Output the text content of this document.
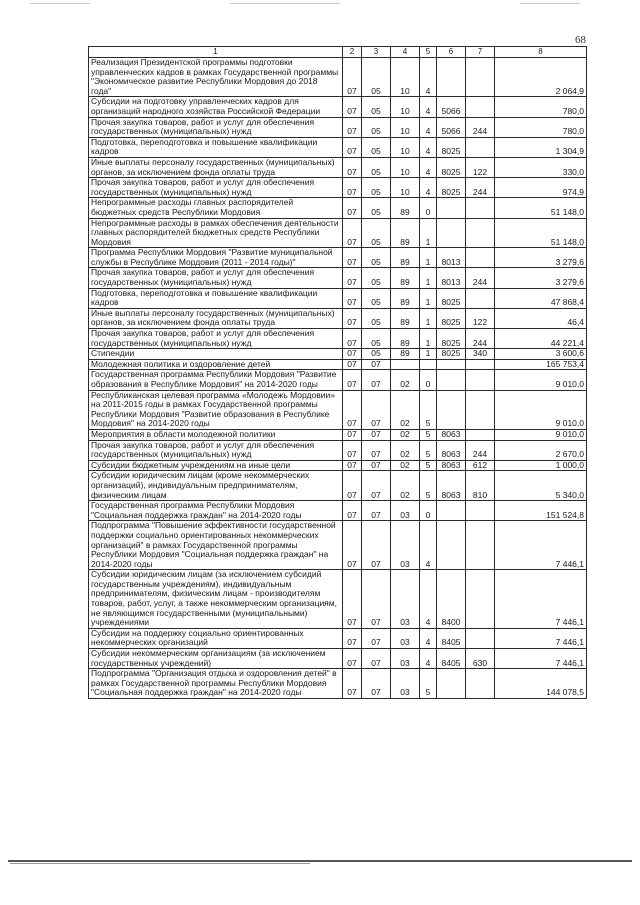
68
1	2	3	4	5	6	7	8
Реализация Президентской программы подготовки управленческих кадров в рамках Государственной программы "Экономическое развитие Республики Мордовия до 2018 года"	07	05	10	4			2 064,9
Субсидии на подготовку управленческих кадров для организаций народного хозяйства Российской Федерации	07	05	10	4	5066		780,0
Прочая закупка товаров, работ и услуг для обеспечения государственных (муниципальных) нужд	07	05	10	4	5066	244	780,0
Подготовка, переподготовка и повышение квалификации кадров	07	05	10	4	8025		1 304,9
Иные выплаты персоналу государственных (муниципальных) органов, за исключением фонда оплаты труда	07	05	10	4	8025	122	330,0
Прочая закупка товаров, работ и услуг для обеспечения государственных (муниципальных) нужд	07	05	10	4	8025	244	974,9
Непрограммные расходы главных распорядителей бюджетных средств Республики Мордовия	07	05	89	0			51 148,0
Непрограммные расходы в рамках обеспечения деятельности главных распорядителей бюджетных средств Республики Мордовия	07	05	89	1			51 148,0
Программа Республики Мордовия "Развитие муниципальной службы в Республике Мордовия (2011 - 2014 годы)"	07	05	89	1	8013		3 279,6
Прочая закупка товаров, работ и услуг для обеспечения государственных (муниципальных) нужд	07	05	89	1	8013	244	3 279,6
Подготовка, переподготовка и повышение квалификации кадров	07	05	89	1	8025		47 868,4
Иные выплаты персоналу государственных (муниципальных) органов, за исключением фонда оплаты труда	07	05	89	1	8025	122	46,4
Прочая закупка товаров, работ и услуг для обеспечения государственных (муниципальных) нужд	07	05	89	1	8025	244	44 221,4
Стипендии	07	05	89	1	8025	340	3 600,6
Молодежная политика и оздоровление детей	07	07					165 753,4
Государственная программа Республики Мордовия "Развитие образования в Республике Мордовия" на 2014-2020 годы	07	07	02	0			9 010,0
Республиканская целевая программа «Молодежь Мордовии» на 2011-2015 годы в рамках Государственной программы Республики Мордовия "Развитие образования в Республике Мордовия" на 2014-2020 годы	07	07	02	5			9 010,0
Мероприятия в области молодежной политики	07	07	02	5	8063		9 010,0
Прочая закупка товаров, работ и услуг для обеспечения государственных (муниципальных) нужд	07	07	02	5	8063	244	2 670,0
Субсидии бюджетным учреждениям на иные цели	07	07	02	5	8063	612	1 000,0
Субсидии юридическим лицам (кроме некоммерческих организаций), индивидуальным предпринимателям, физическим лицам	07	07	02	5	8063	810	5 340,0
Государственная программа Республики Мордовия "Социальная поддержка граждан" на 2014-2020 годы	07	07	03	0			151 524,8
Подпрограмма "Повышение эффективности государственной поддержки социально ориентированных некоммерческих организаций" в рамках Государственной программы Республики Мордовия "Социальная поддержка граждан" на 2014-2020 годы	07	07	03	4			7 446,1
Субсидии юридическим лицам (за исключением субсидий государственным учреждениям), индивидуальным предпринимателям, физическим лицам - производителям товаров, работ, услуг, а также некоммерческим организациям, не являющимся государственными (муниципальными) учреждениями	07	07	03	4	8400		7 446,1
Субсидии на поддержку социально ориентированных некоммерческих организаций	07	07	03	4	8405		7 446,1
Субсидии некоммерческим организациям (за исключением государственных учреждений)	07	07	03	4	8405	630	7 446,1
Подпрограмма "Организация отдыха и оздоровления детей" в рамках Государственной программы Республики Мордовия "Социальная поддержка граждан" на 2014-2020 годы	07	07	03	5			144 078,5
